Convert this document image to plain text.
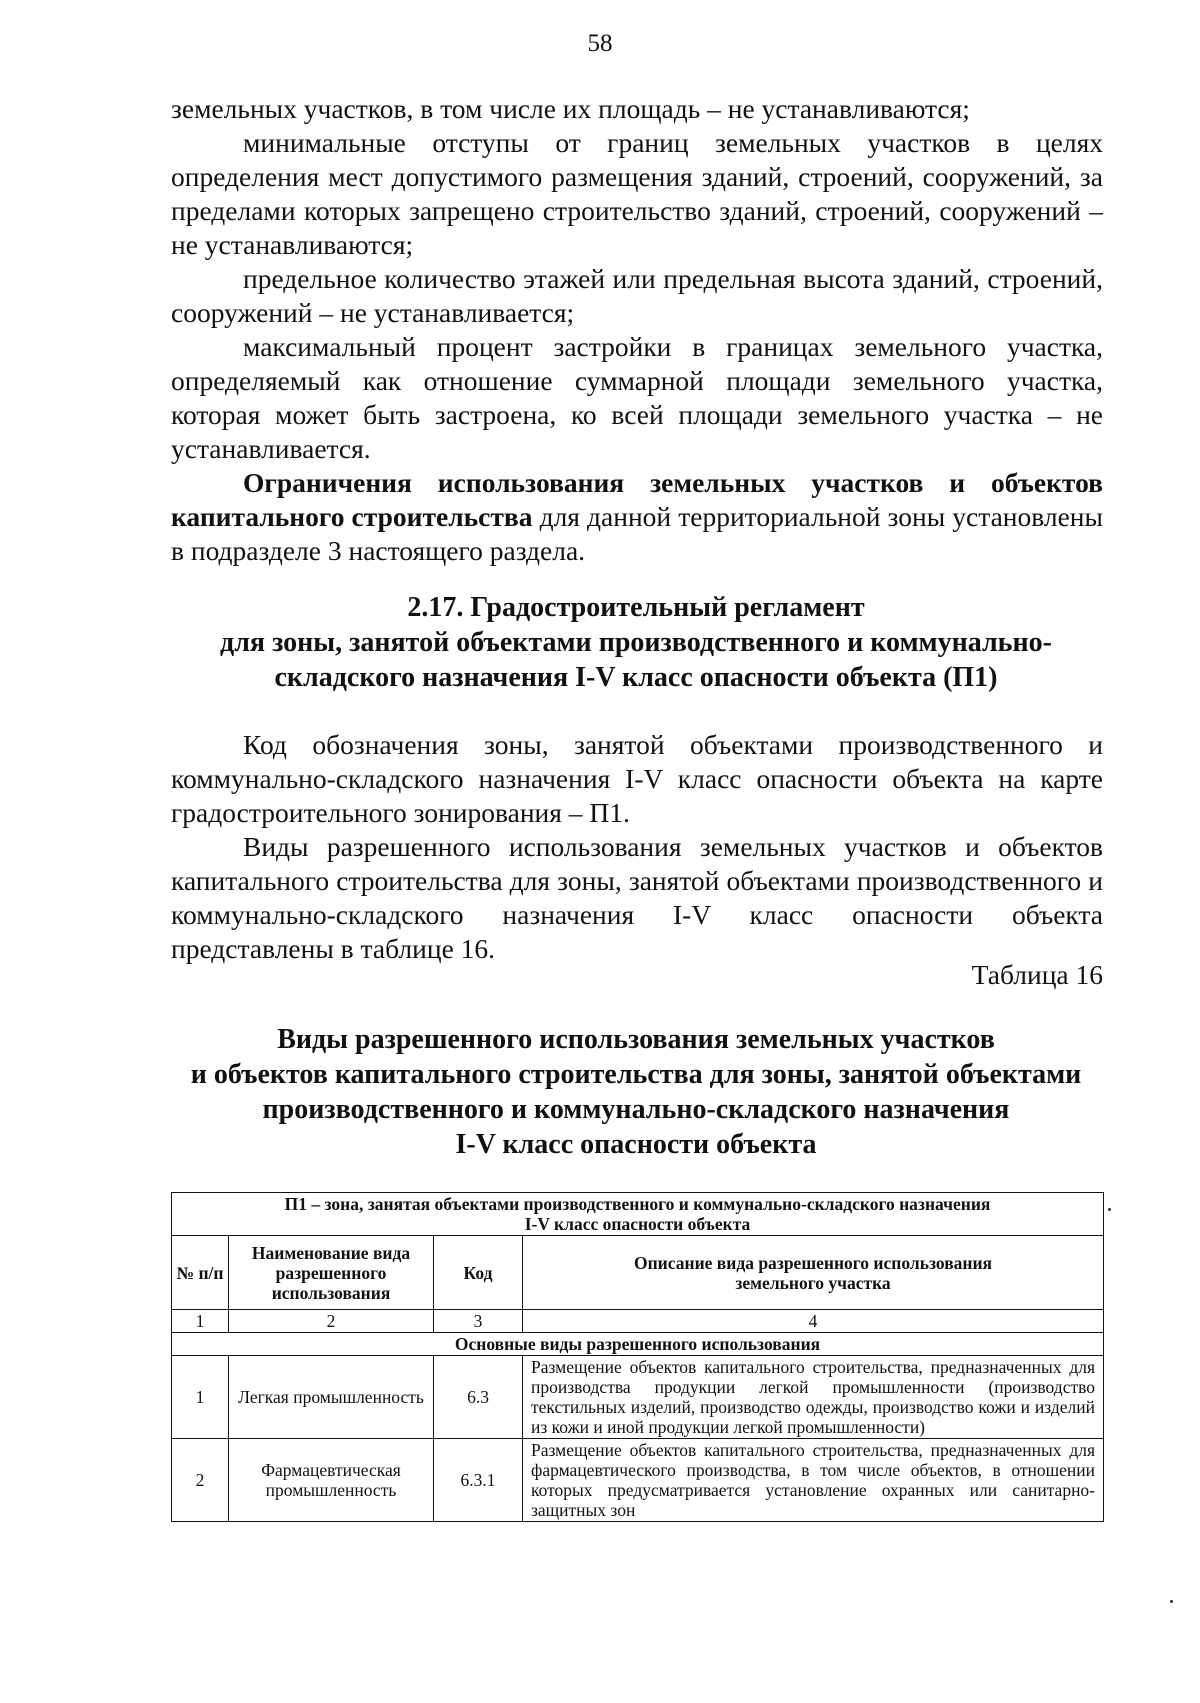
58

земельных участков, в том числе их площадь – не устанавливаются;

минимальные отступы от границ земельных участков в целях определения мест допустимого размещения зданий, строений, сооружений, за пределами которых запрещено строительство зданий, строений, сооружений – не устанавливаются;

предельное количество этажей или предельная высота зданий, строений, сооружений – не устанавливается;

максимальный процент застройки в границах земельного участка, определяемый как отношение суммарной площади земельного участка, которая может быть застроена, ко всей площади земельного участка – не устанавливается.

Ограничения использования земельных участков и объектов капитального строительства для данной территориальной зоны установлены в подразделе 3 настоящего раздела.

2.17. Градостроительный регламент
для зоны, занятой объектами производственного и коммунально-
складского назначения I-V класс опасности объекта (П1)

Код обозначения зоны, занятой объектами производственного и коммунально-складского назначения I-V класс опасности объекта на карте градостроительного зонирования – П1.

Виды разрешенного использования земельных участков и объектов капитального строительства для зоны, занятой объектами производственного и коммунально-складского назначения I-V класс опасности объекта представлены в таблице 16.

Таблица 16

Виды разрешенного использования земельных участков
и объектов капитального строительства для зоны, занятой объектами
производственного и коммунально-складского назначения
I-V класс опасности объекта
П1 – зона, занятая объектами производственного и коммунально-складского назначения I-V класс опасности объекта			
№ п/п	Наименование вида разрешенного использования	Код	Описание вида разрешенного использования земельного участка
1	2	3	4
Основные виды разрешенного использования			
1	Легкая промышленность	6.3	Размещение объектов капитального строительства, предназначенных для производства продукции легкой промышленности (производство текстильных изделий, производство одежды, производство кожи и изделий из кожи и иной продукции легкой промышленности)
2	Фармацевтическая промышленность	6.3.1	Размещение объектов капитального строительства, предназначенных для фармацевтического производства, в том числе объектов, в отношении которых предусматривается установление охранных или санитарно-защитных зон
